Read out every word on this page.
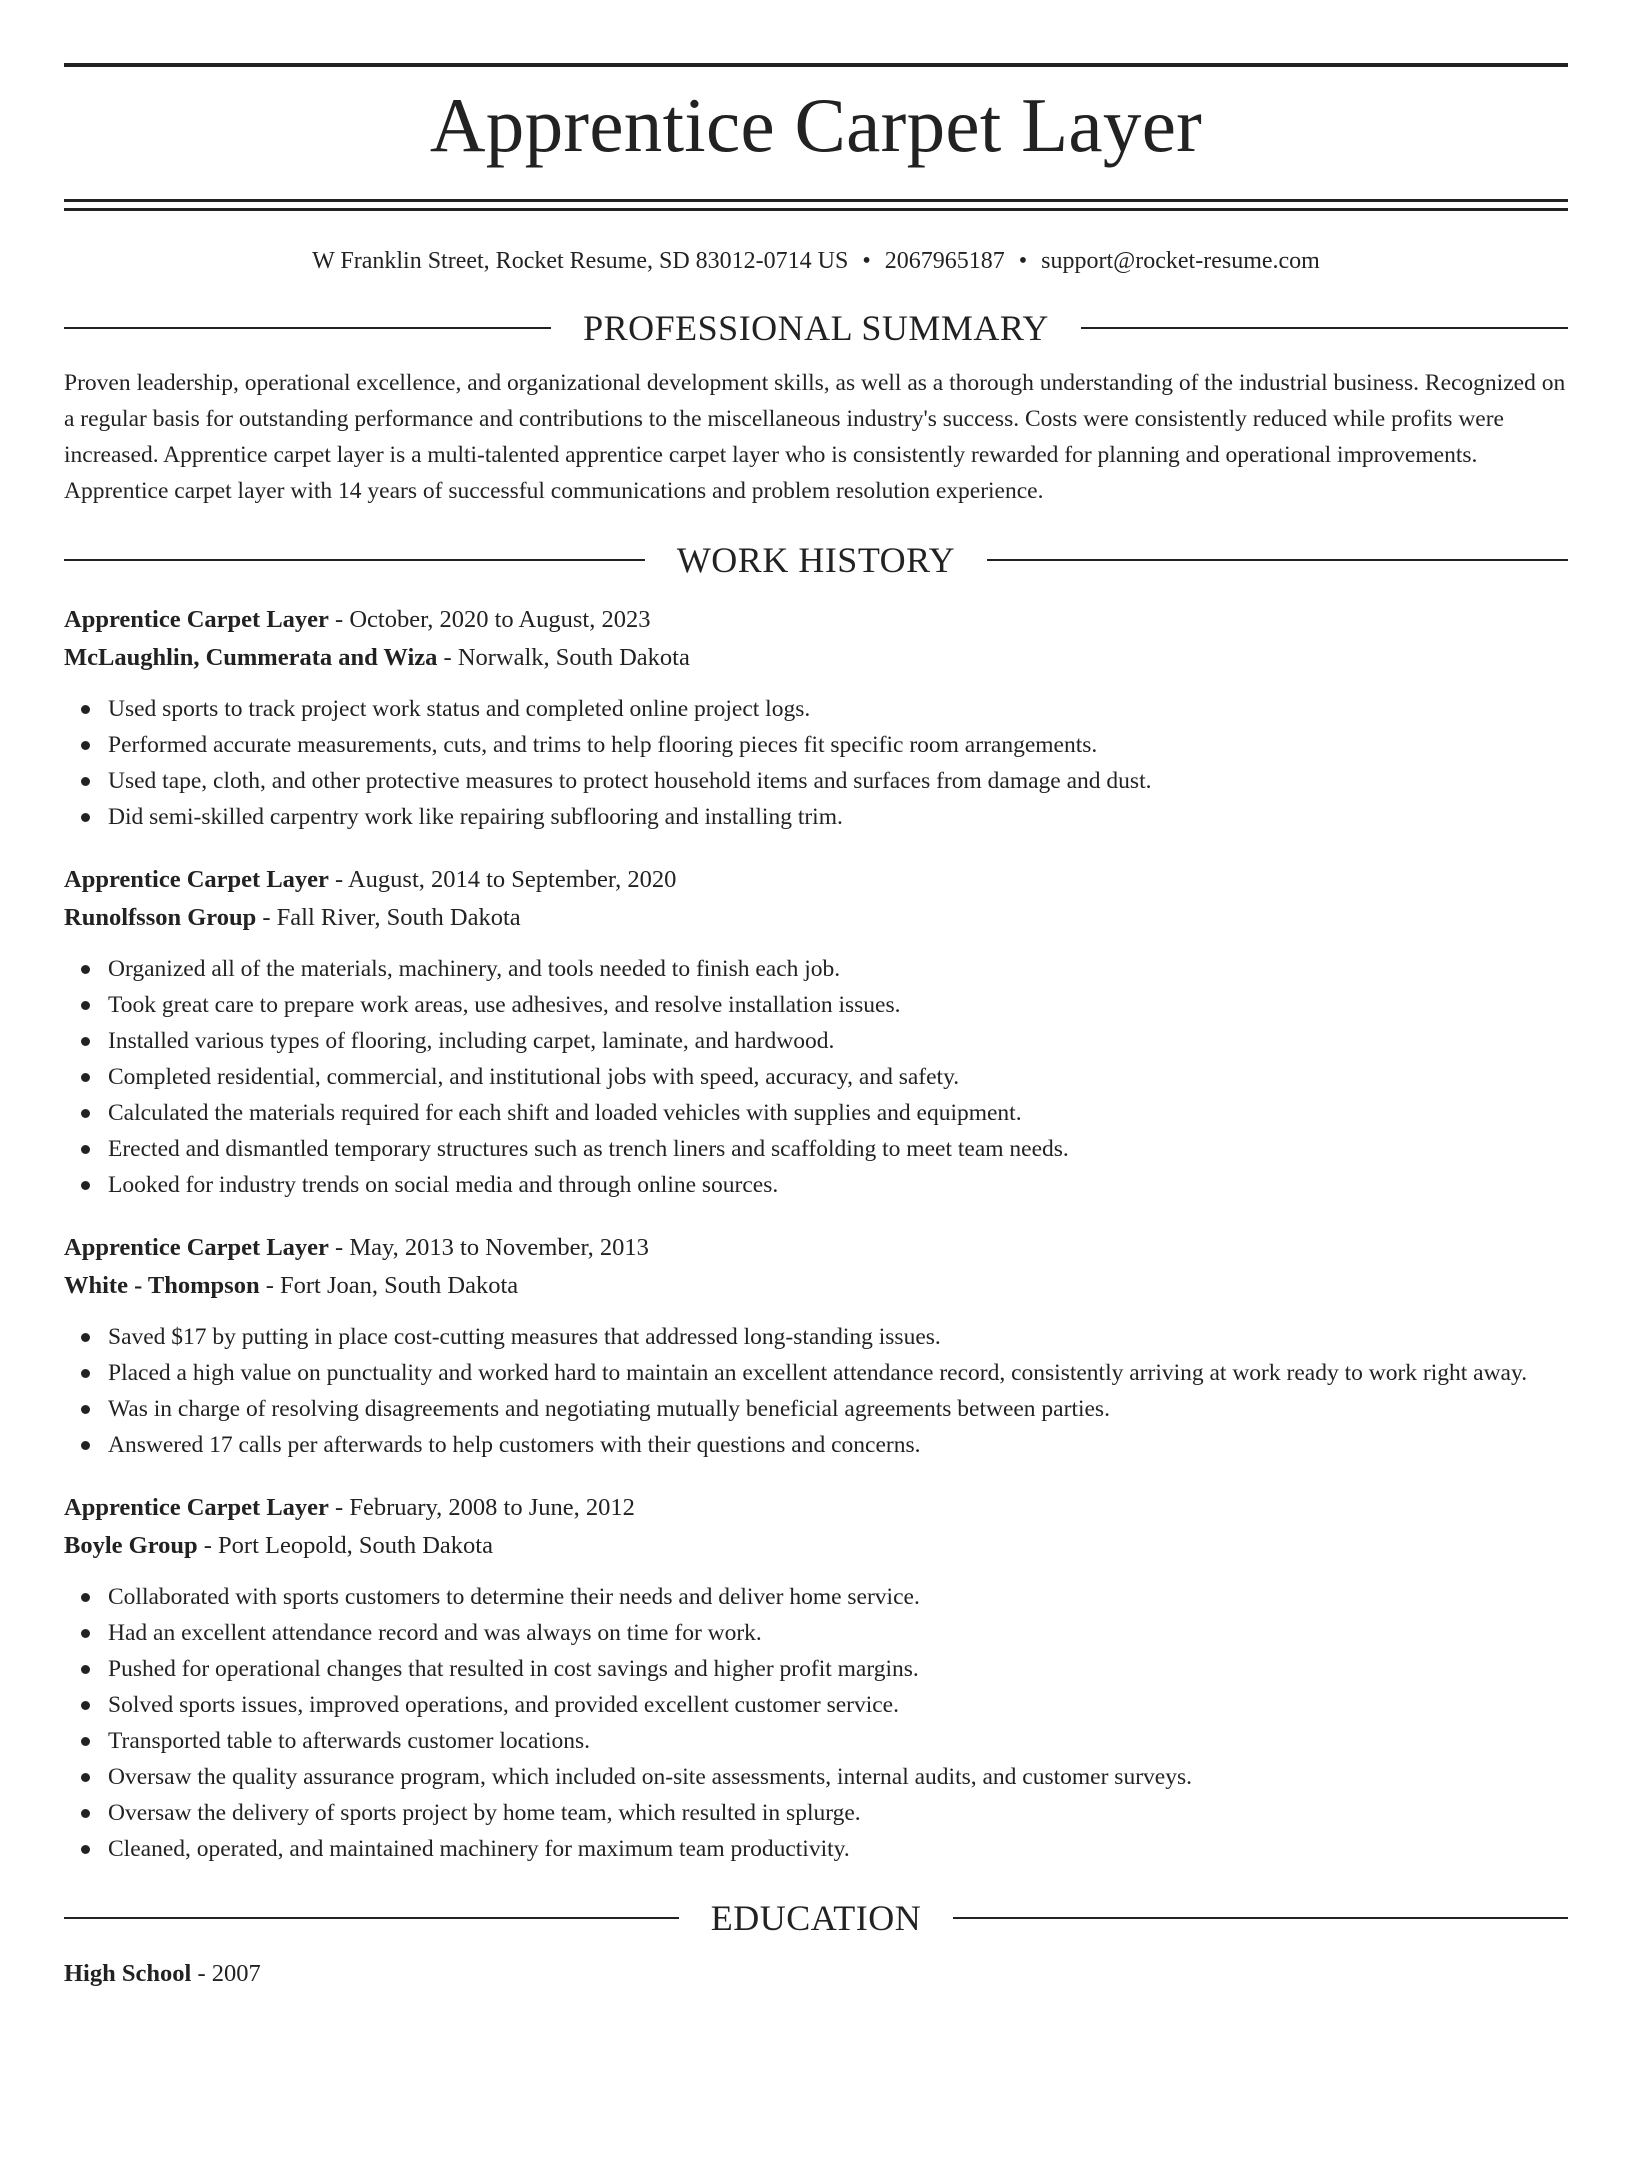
Apprentice Carpet Layer
W Franklin Street, Rocket Resume, SD 83012-0714 US • 2067965187 • support@rocket-resume.com
PROFESSIONAL SUMMARY

Proven leadership, operational excellence, and organizational development skills, as well as a thorough understanding of the industrial business. Recognized on a regular basis for outstanding performance and contributions to the miscellaneous industry's success. Costs were consistently reduced while profits were increased. Apprentice carpet layer is a multi-talented apprentice carpet layer who is consistently rewarded for planning and operational improvements. Apprentice carpet layer with 14 years of successful communications and problem resolution experience.

WORK HISTORY
Apprentice Carpet Layer - October, 2020 to August, 2023
McLaughlin, Cummerata and Wiza - Norwalk, South Dakota
Used sports to track project work status and completed online project logs.
Performed accurate measurements, cuts, and trims to help flooring pieces fit specific room arrangements.
Used tape, cloth, and other protective measures to protect household items and surfaces from damage and dust.
Did semi-skilled carpentry work like repairing subflooring and installing trim.
Apprentice Carpet Layer - August, 2014 to September, 2020
Runolfsson Group - Fall River, South Dakota
Organized all of the materials, machinery, and tools needed to finish each job.
Took great care to prepare work areas, use adhesives, and resolve installation issues.
Installed various types of flooring, including carpet, laminate, and hardwood.
Completed residential, commercial, and institutional jobs with speed, accuracy, and safety.
Calculated the materials required for each shift and loaded vehicles with supplies and equipment.
Erected and dismantled temporary structures such as trench liners and scaffolding to meet team needs.
Looked for industry trends on social media and through online sources.
Apprentice Carpet Layer - May, 2013 to November, 2013
White - Thompson - Fort Joan, South Dakota
Saved $17 by putting in place cost-cutting measures that addressed long-standing issues.
Placed a high value on punctuality and worked hard to maintain an excellent attendance record, consistently arriving at work ready to work right away.
Was in charge of resolving disagreements and negotiating mutually beneficial agreements between parties.
Answered 17 calls per afterwards to help customers with their questions and concerns.
Apprentice Carpet Layer - February, 2008 to June, 2012
Boyle Group - Port Leopold, South Dakota
Collaborated with sports customers to determine their needs and deliver home service.
Had an excellent attendance record and was always on time for work.
Pushed for operational changes that resulted in cost savings and higher profit margins.
Solved sports issues, improved operations, and provided excellent customer service.
Transported table to afterwards customer locations.
Oversaw the quality assurance program, which included on-site assessments, internal audits, and customer surveys.
Oversaw the delivery of sports project by home team, which resulted in splurge.
Cleaned, operated, and maintained machinery for maximum team productivity.
EDUCATION
High School - 2007
